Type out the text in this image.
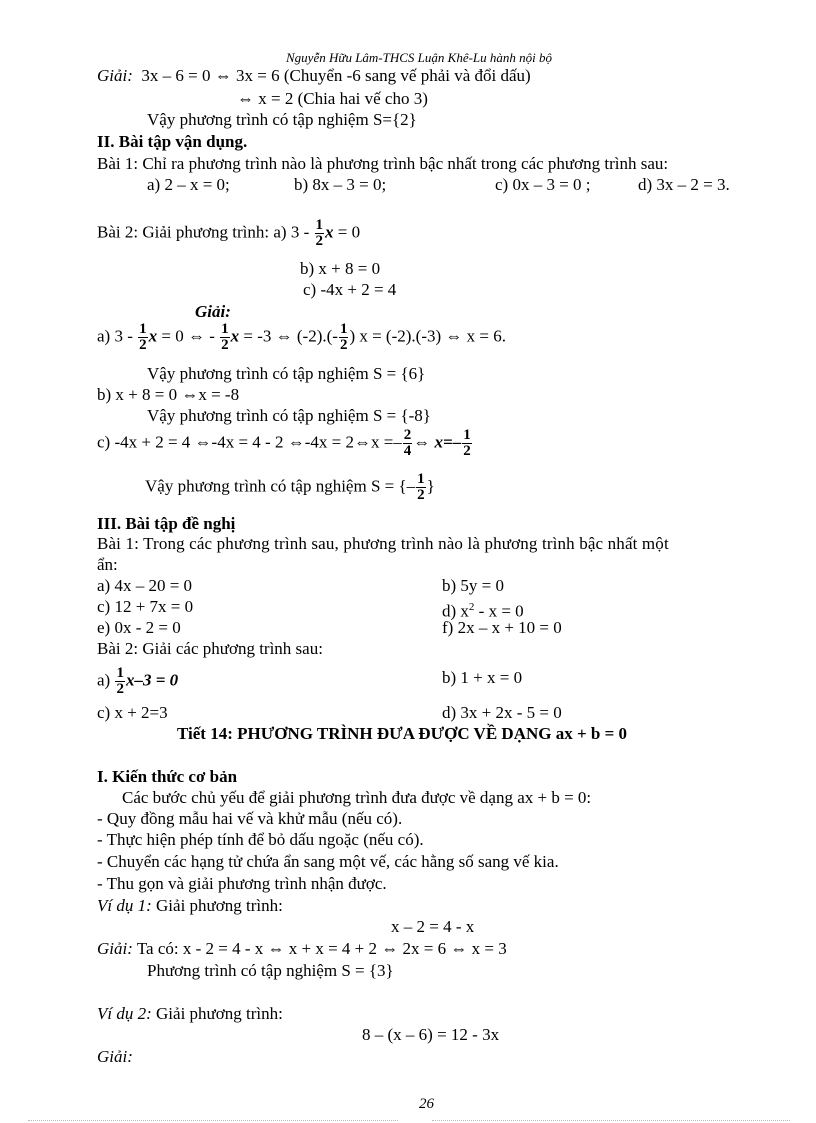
Nguyễn Hữu Lâm-THCS Luận Khê-Lu hành nội bộ
Giải: 3x – 6 = 0 ⇔ 3x = 6 (Chuyển -6 sang vế phải và đổi dấu)
⇔ x = 2 (Chia hai vế cho 3)
Vậy phương trình có tập nghiệm S={2}
II. Bài tập vận dụng.
Bài 1: Chỉ ra phương trình nào là phương trình bậc nhất trong các phương trình sau:
a) 2 – x = 0;	b) 8x – 3 = 0;	c) 0x – 3 = 0 ;	d) 3x – 2 = 3.
Bài 2: Giải phương trình: a) $3 - \frac{1}{2}$ x = 0
b) x + 8 = 0
c) -4x + 2 = 4
Giải:
a) $3 - \frac{1}{2}$ x = 0 ⇔ - $\frac{1}{2}$ x = -3 ⇔ $(-2).(- \frac{1}{2}$ ) x = (-2).(-3) ⇔ x = 6.
Vậy phương trình có tập nghiệm S = {6}
b) x + 8 = 0 ⇔x = -8
Vậy phương trình có tập nghiệm S = {-8}
c) -4x + 2 = 4 ⇔-4x = 4 - 2 ⇔-4x = 2⇔x =– $\frac{2}{4}$ ⇔ $x=- \frac{1}{2}$
Vậy phương trình có tập nghiệm S = {– $\frac{1}{2}$ }
III. Bài tập đề nghị
Bài 1: Trong các phương trình sau, phương trình nào là phương trình bậc nhất một
ẩn:
a) 4x – 20 = 0	b) 5y = 0
c) 12 + 7x = 0	d) $x^2 - x = 0$
e) 0x - 2 = 0	f) 2x – x + 10 = 0
Bài 2: Giải các phương trình sau:
$a) \frac{1}{2} x-3 = 0$	b) 1 + x = 0
c) x + 2=3	d) 3x + 2x - 5 = 0
Tiết 14: PHƯƠNG TRÌNH ĐƯA ĐƯỢC VỀ DẠNG ax + b = 0
I. Kiến thức cơ bản
Các bước chủ yếu để giải phương trình đưa được về dạng ax + b = 0:
- Quy đồng mẫu hai vế và khử mẫu (nếu có).
- Thực hiện phép tính để bỏ dấu ngoặc (nếu có).
- Chuyển các hạng tử chứa ẩn sang một vế, các hằng số sang vế kia.
- Thu gọn và giải phương trình nhận được.
Ví dụ 1: Giải phương trình:
x – 2 = 4 - x
Giải: Ta có: x - 2 = 4 - x ⇔ x + x = 4 + 2 ⇔ 2x = 6 ⇔ x = 3
Phương trình có tập nghiệm S = {3}
Ví dụ 2: Giải phương trình:
8 – (x – 6) = 12 - 3x
Giải:
26
